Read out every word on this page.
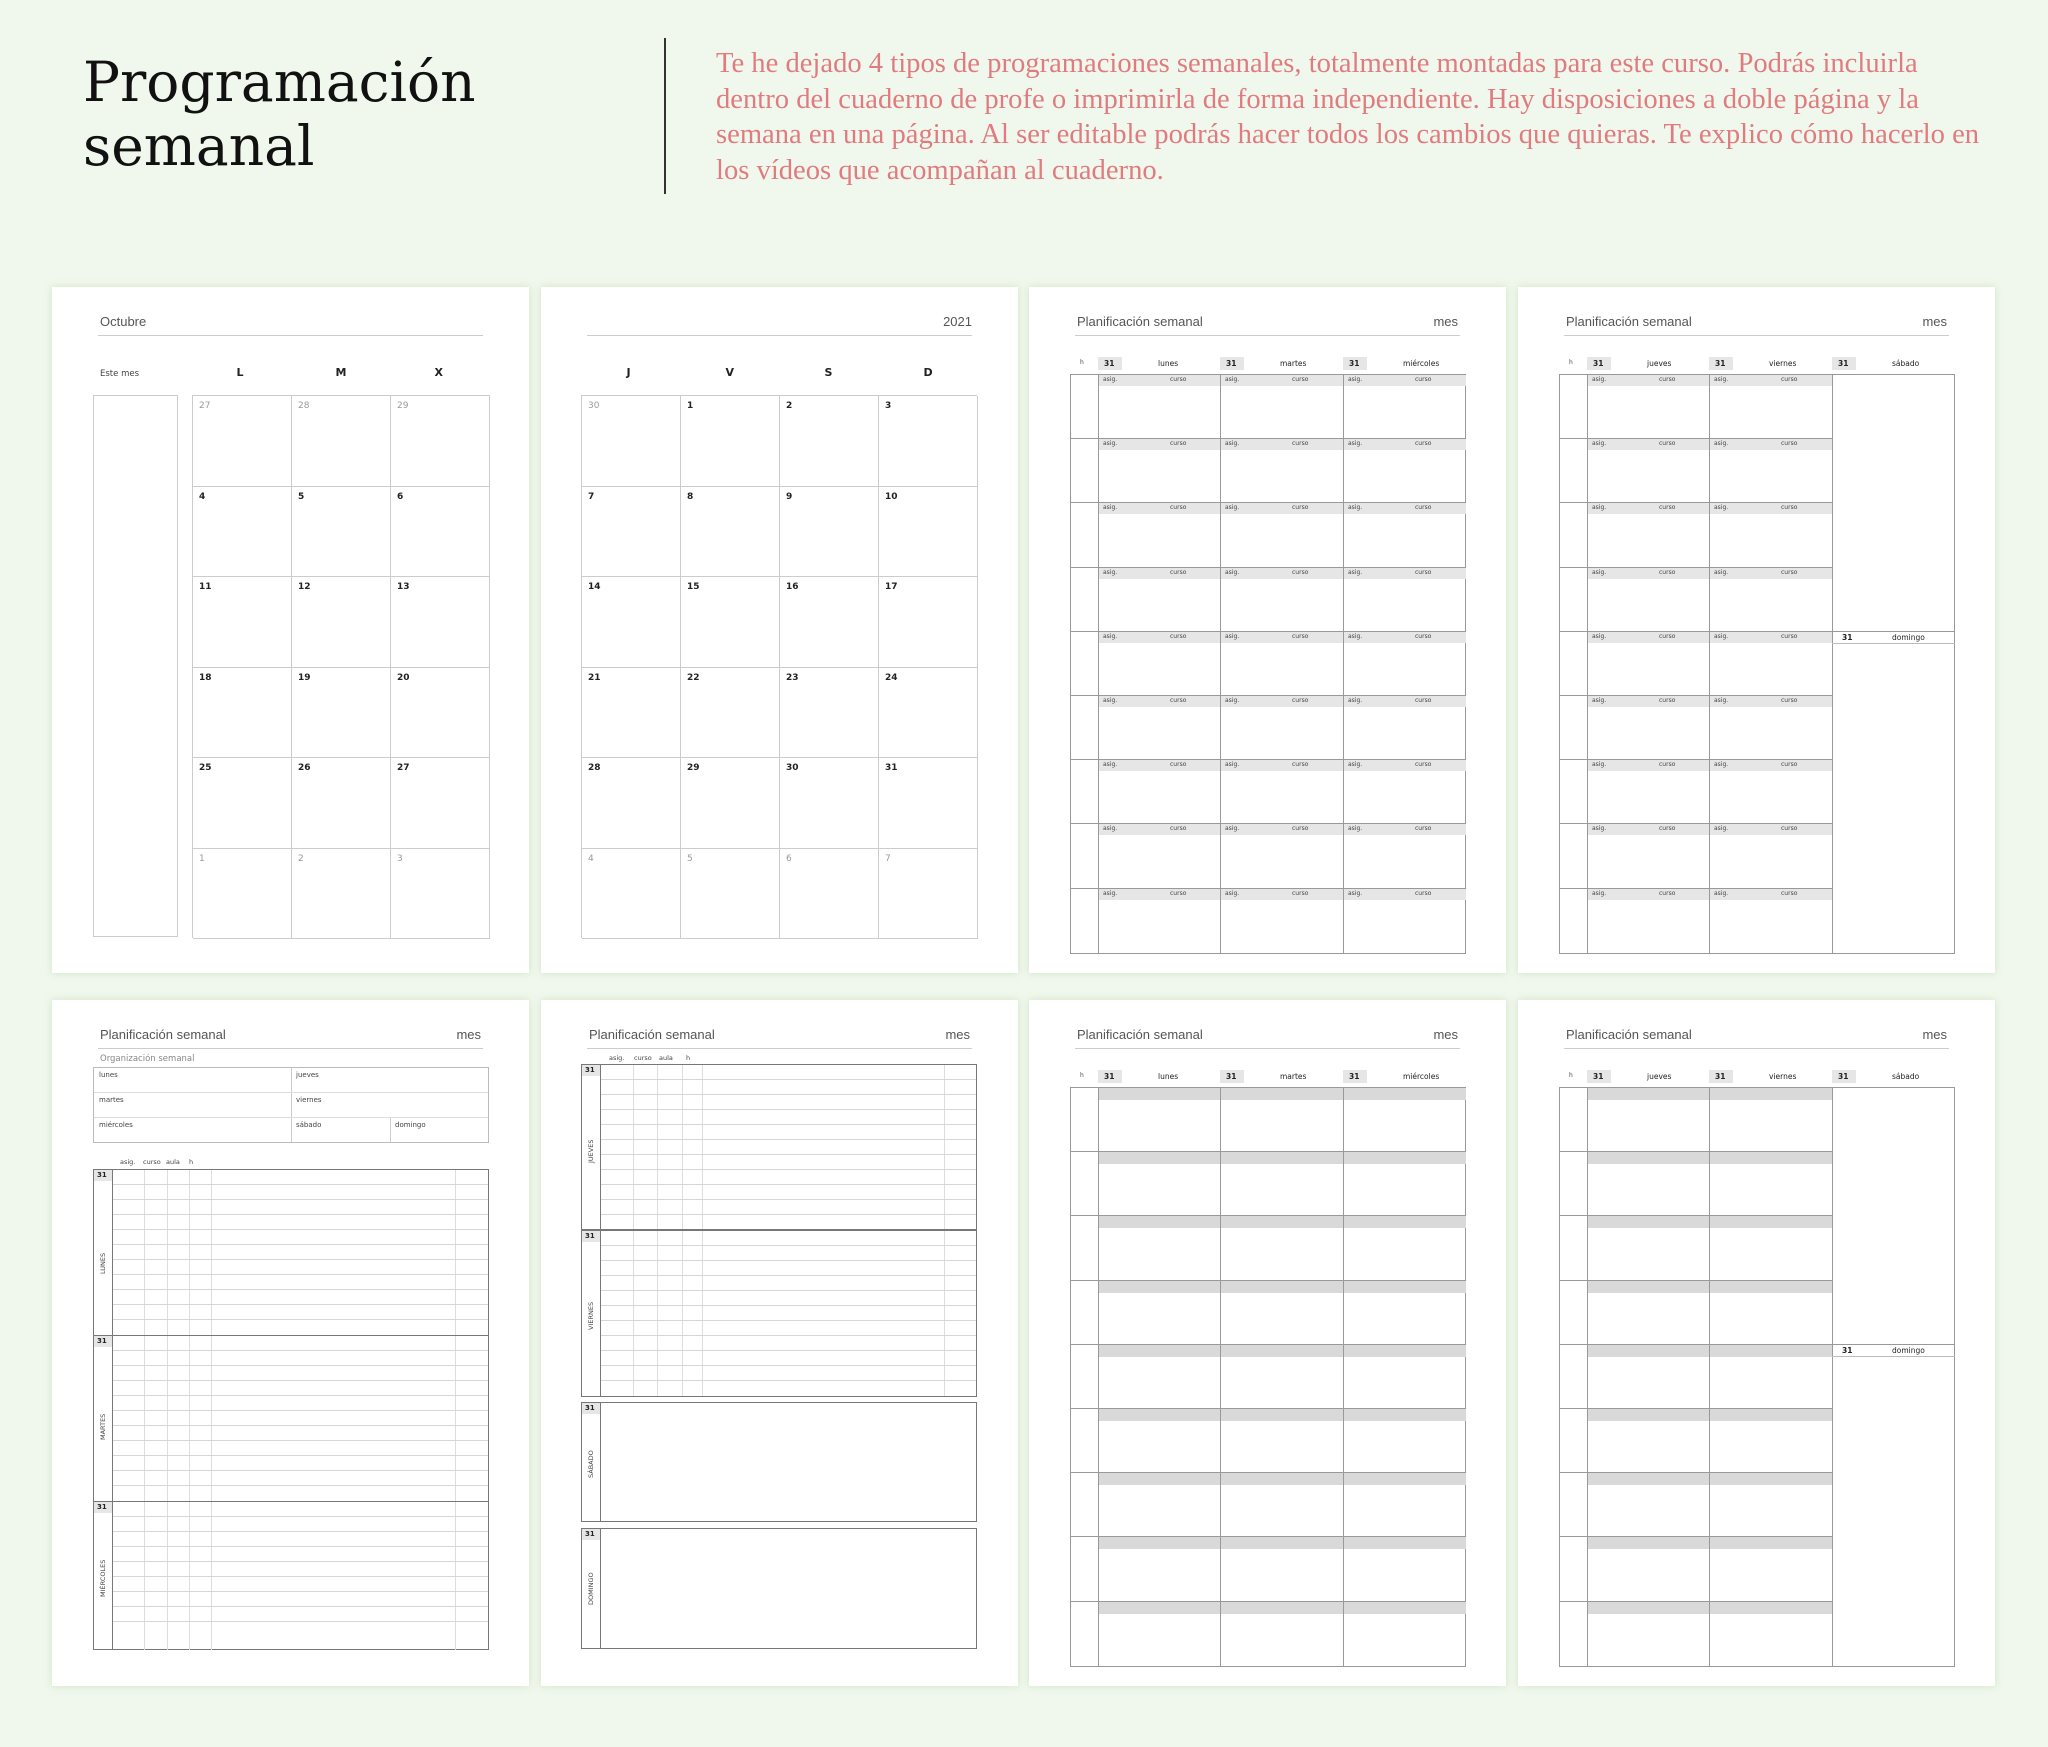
Programación
semanal
Te he dejado 4 tipos de programaciones semanales, totalmente montadas para este curso. Podrás incluirla dentro del cuaderno de profe o imprimirla de forma independiente. Hay disposiciones a doble página y la semana en una página. Al ser editable podrás hacer todos los cambios que quieras. Te explico cómo hacerlo en los vídeos que acompañan al cuaderno.
Octubre
Este mes
27	28	29
4	5	6
11	12	13
18	19	20
25	26	27
1	2	3
L	M	X
2021
30	1	2	3
7	8	9	10
14	15	16	17
21	22	23	24
28	29	30	31
4	5	6	7
J	V	S	D
Planificación semanal	mes
h	31	lunes	31	martes	31	miércoles
asig.	curso	asig.	curso	asig.	curso
asig.	curso	asig.	curso	asig.	curso
asig.	curso	asig.	curso	asig.	curso
asig.	curso	asig.	curso	asig.	curso
asig.	curso	asig.	curso	asig.	curso
asig.	curso	asig.	curso	asig.	curso
asig.	curso	asig.	curso	asig.	curso
asig.	curso	asig.	curso	asig.	curso
asig.	curso	asig.	curso	asig.	curso
Planificación semanal	mes
h	31	jueves	31	viernes	31	sábado
asig.	curso	asig.	curso
asig.	curso	asig.	curso
asig.	curso	asig.	curso
asig.	curso	asig.	curso
asig.	curso	asig.	curso
asig.	curso	asig.	curso
asig.	curso	asig.	curso
asig.	curso	asig.	curso
asig.	curso	asig.	curso
31	domingo
Planificación semanal	mes
Organización semanal
lunes	jueves
martes	viernes
miércoles	sábado	domingo
asig. curso aula h
31
LUNES
31
MARTES
31
MIÉRCOLES
Planificación semanal	mes
asig. curso aula h
31
JUEVES
31
VIERNES
31
SÁBADO
31
DOMINGO
Planificación semanal	mes
h	31	lunes	31	martes	31	miércoles
Planificación semanal	mes
h	31	jueves	31	viernes	31	sábado
31	domingo
